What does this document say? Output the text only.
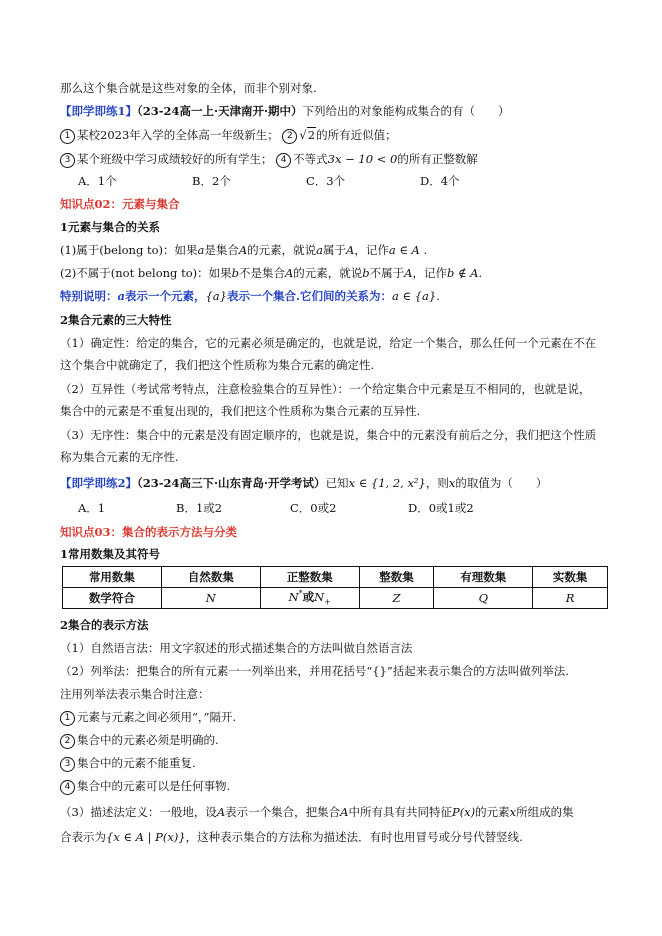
那么这个集合就是这些对象的全体，而非个别对象.
【即学即练1】（23-24高一上·天津南开·期中）下列给出的对象能构成集合的有（　　）
1 某校2023年入学的全体高一年级新生； 2 √2的所有近似值；
3 某个班级中学习成绩较好的所有学生； 4 不等式3x − 10 < 0的所有正整数解
A．1个	B．2个	C．3个	D．4个
知识点02：元素与集合
1元素与集合的关系
(1)属于(belong to)：如果a是集合A的元素，就说a属于A，记作a ∈ A .
(2)不属于(not belong to)：如果b不是集合A的元素，就说b不属于A，记作b ∉ A.
特别说明：a表示一个元素，{a}表示一个集合.它们间的关系为：a ∈ {a}.
2集合元素的三大特性
（1）确定性：给定的集合，它的元素必须是确定的，也就是说，给定一个集合，那么任何一个元素在不在
这个集合中就确定了，我们把这个性质称为集合元素的确定性.
（2）互异性（考试常考特点，注意检验集合的互异性）：一个给定集合中元素是互不相同的，也就是说，
集合中的元素是不重复出现的，我们把这个性质称为集合元素的互异性.
（3）无序性：集合中的元素是没有固定顺序的，也就是说，集合中的元素没有前后之分，我们把这个性质
称为集合元素的无序性.
【即学即练2】（23-24高三下·山东青岛·开学考试）已知x ∈ {1, 2, x²}，则x的取值为（　　）
A．1	B．1或2	C．0或2	D．0或1或2
知识点03：集合的表示方法与分类
1常用数集及其符号
常用数集	自然数集	正整数集	整数集	有理数集	实数集
数学符合	N	N*或$N_+$	Z	Q	R
2集合的表示方法
（1）自然语言法：用文字叙述的形式描述集合的方法叫做自然语言法
（2）列举法：把集合的所有元素一一列举出来，并用花括号“{}”括起来表示集合的方法叫做列举法.
注用列举法表示集合时注意：
1 元素与元素之间必须用“，”隔开.
2 集合中的元素必须是明确的.
3 集合中的元素不能重复.
4 集合中的元素可以是任何事物.
（3）描述法定义：一般地，设A表示一个集合，把集合A中所有具有共同特征P(x)的元素x所组成的集
合表示为{x ∈ A | P(x)}，这种表示集合的方法称为描述法．有时也用冒号或分号代替竖线.
